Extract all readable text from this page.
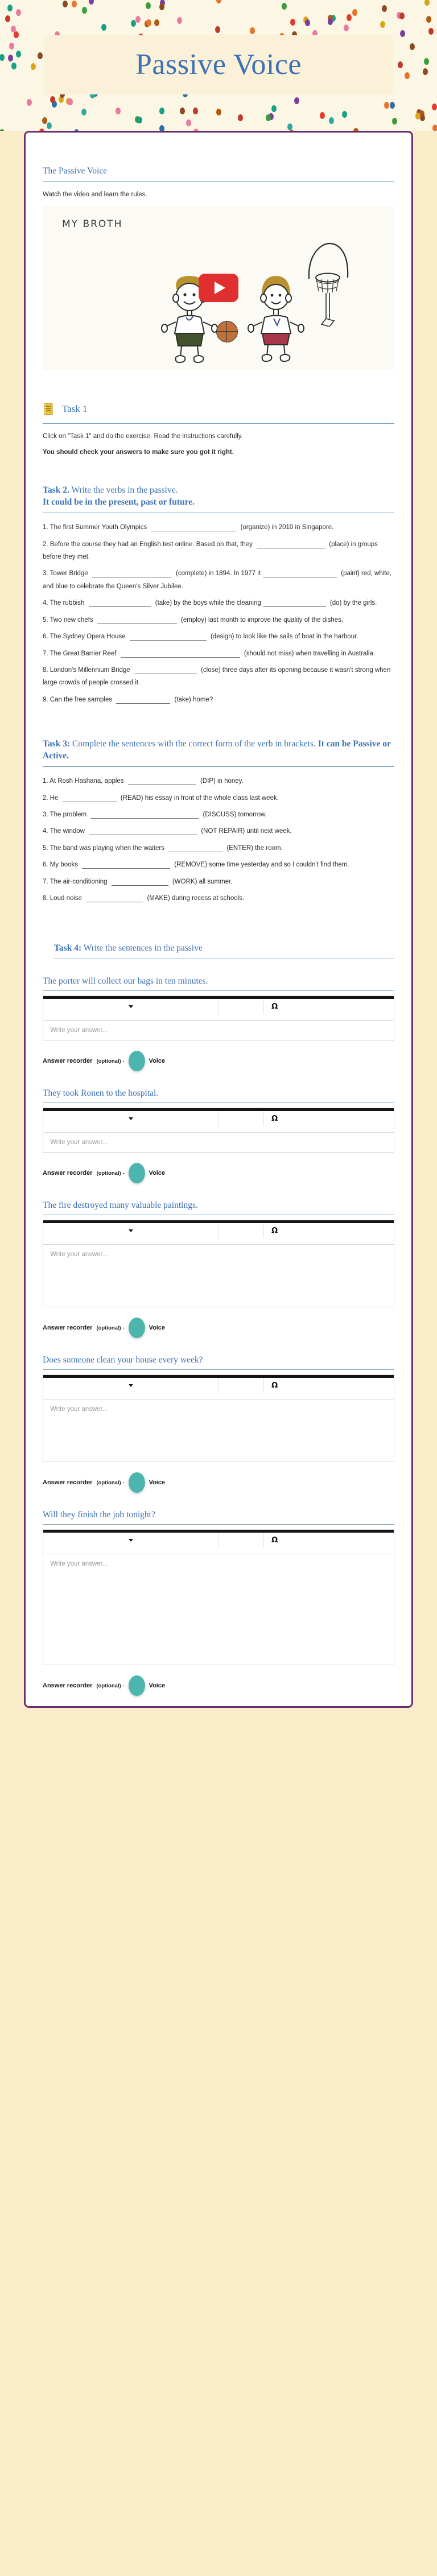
Passive Voice
The Passive Voice

Watch the video and learn the rules.

MY BROTH
Task 1

Click on "Task 1" and do the exercise. Read the instructions carefully.

You should check your answers to make sure you got it right.

Task 2. Write the verbs in the passive.
It could be in the present, past or future.
1. The first Summer Youth Olympics	(organize) in 2010 in Singapore.
2. Before the course they had an English test online. Based on that, they	(place) in groups before they met.
3. Tower Bridge	(complete) in 1894. In 1977 it	(paint) red, white, and blue to celebrate the Queen's Silver Jubilee.
4. The rubbish	(take) by the boys while the cleaning	(do) by the girls.
5. Two new chefs	(employ) last month to improve the quality of the dishes.
6. The Sydney Opera House	(design) to look like the sails of boat in the harbour.
7. The Great Barrier Reef	(should not miss) when travelling in Australia.
8. London's Millennium Bridge	(close) three days after its opening because it wasn't strong when large crowds of people crossed it.
9. Can the free samples	(take) home?
Task 3: Complete the sentences with the correct form of the verb in brackets. It can be Passive or Active.
1. At Rosh Hashana, apples	(DIP) in honey.
2. He	(READ) his essay in front of the whole class last week.
3. The problem	(DISCUSS) tomorrow.
4. The window	(NOT REPAIR) until next week.
5. The band was playing when the waiters	(ENTER) the room.
6. My books	(REMOVE) some time yesterday and so I couldn't find them.
7. The air-conditioning	(WORK) all summer.
8. Loud noise	(MAKE) during recess at schools.
Task 4: Write the sentences in the passive
The porter will collect our bags in ten minutes.
Ω
Write your answer...
Answer recorder (optional) -	Voice
They took Ronen to the hospital.
Ω
Write your answer...
Answer recorder (optional) -	Voice
The fire destroyed many valuable paintings.
Ω
Write your answer...
Answer recorder (optional) -	Voice
Does someone clean your house every week?
Ω
Write your answer...
Answer recorder (optional) -	Voice
Will they finish the job tonight?
Ω
Write your answer...
Answer recorder (optional) -	Voice
